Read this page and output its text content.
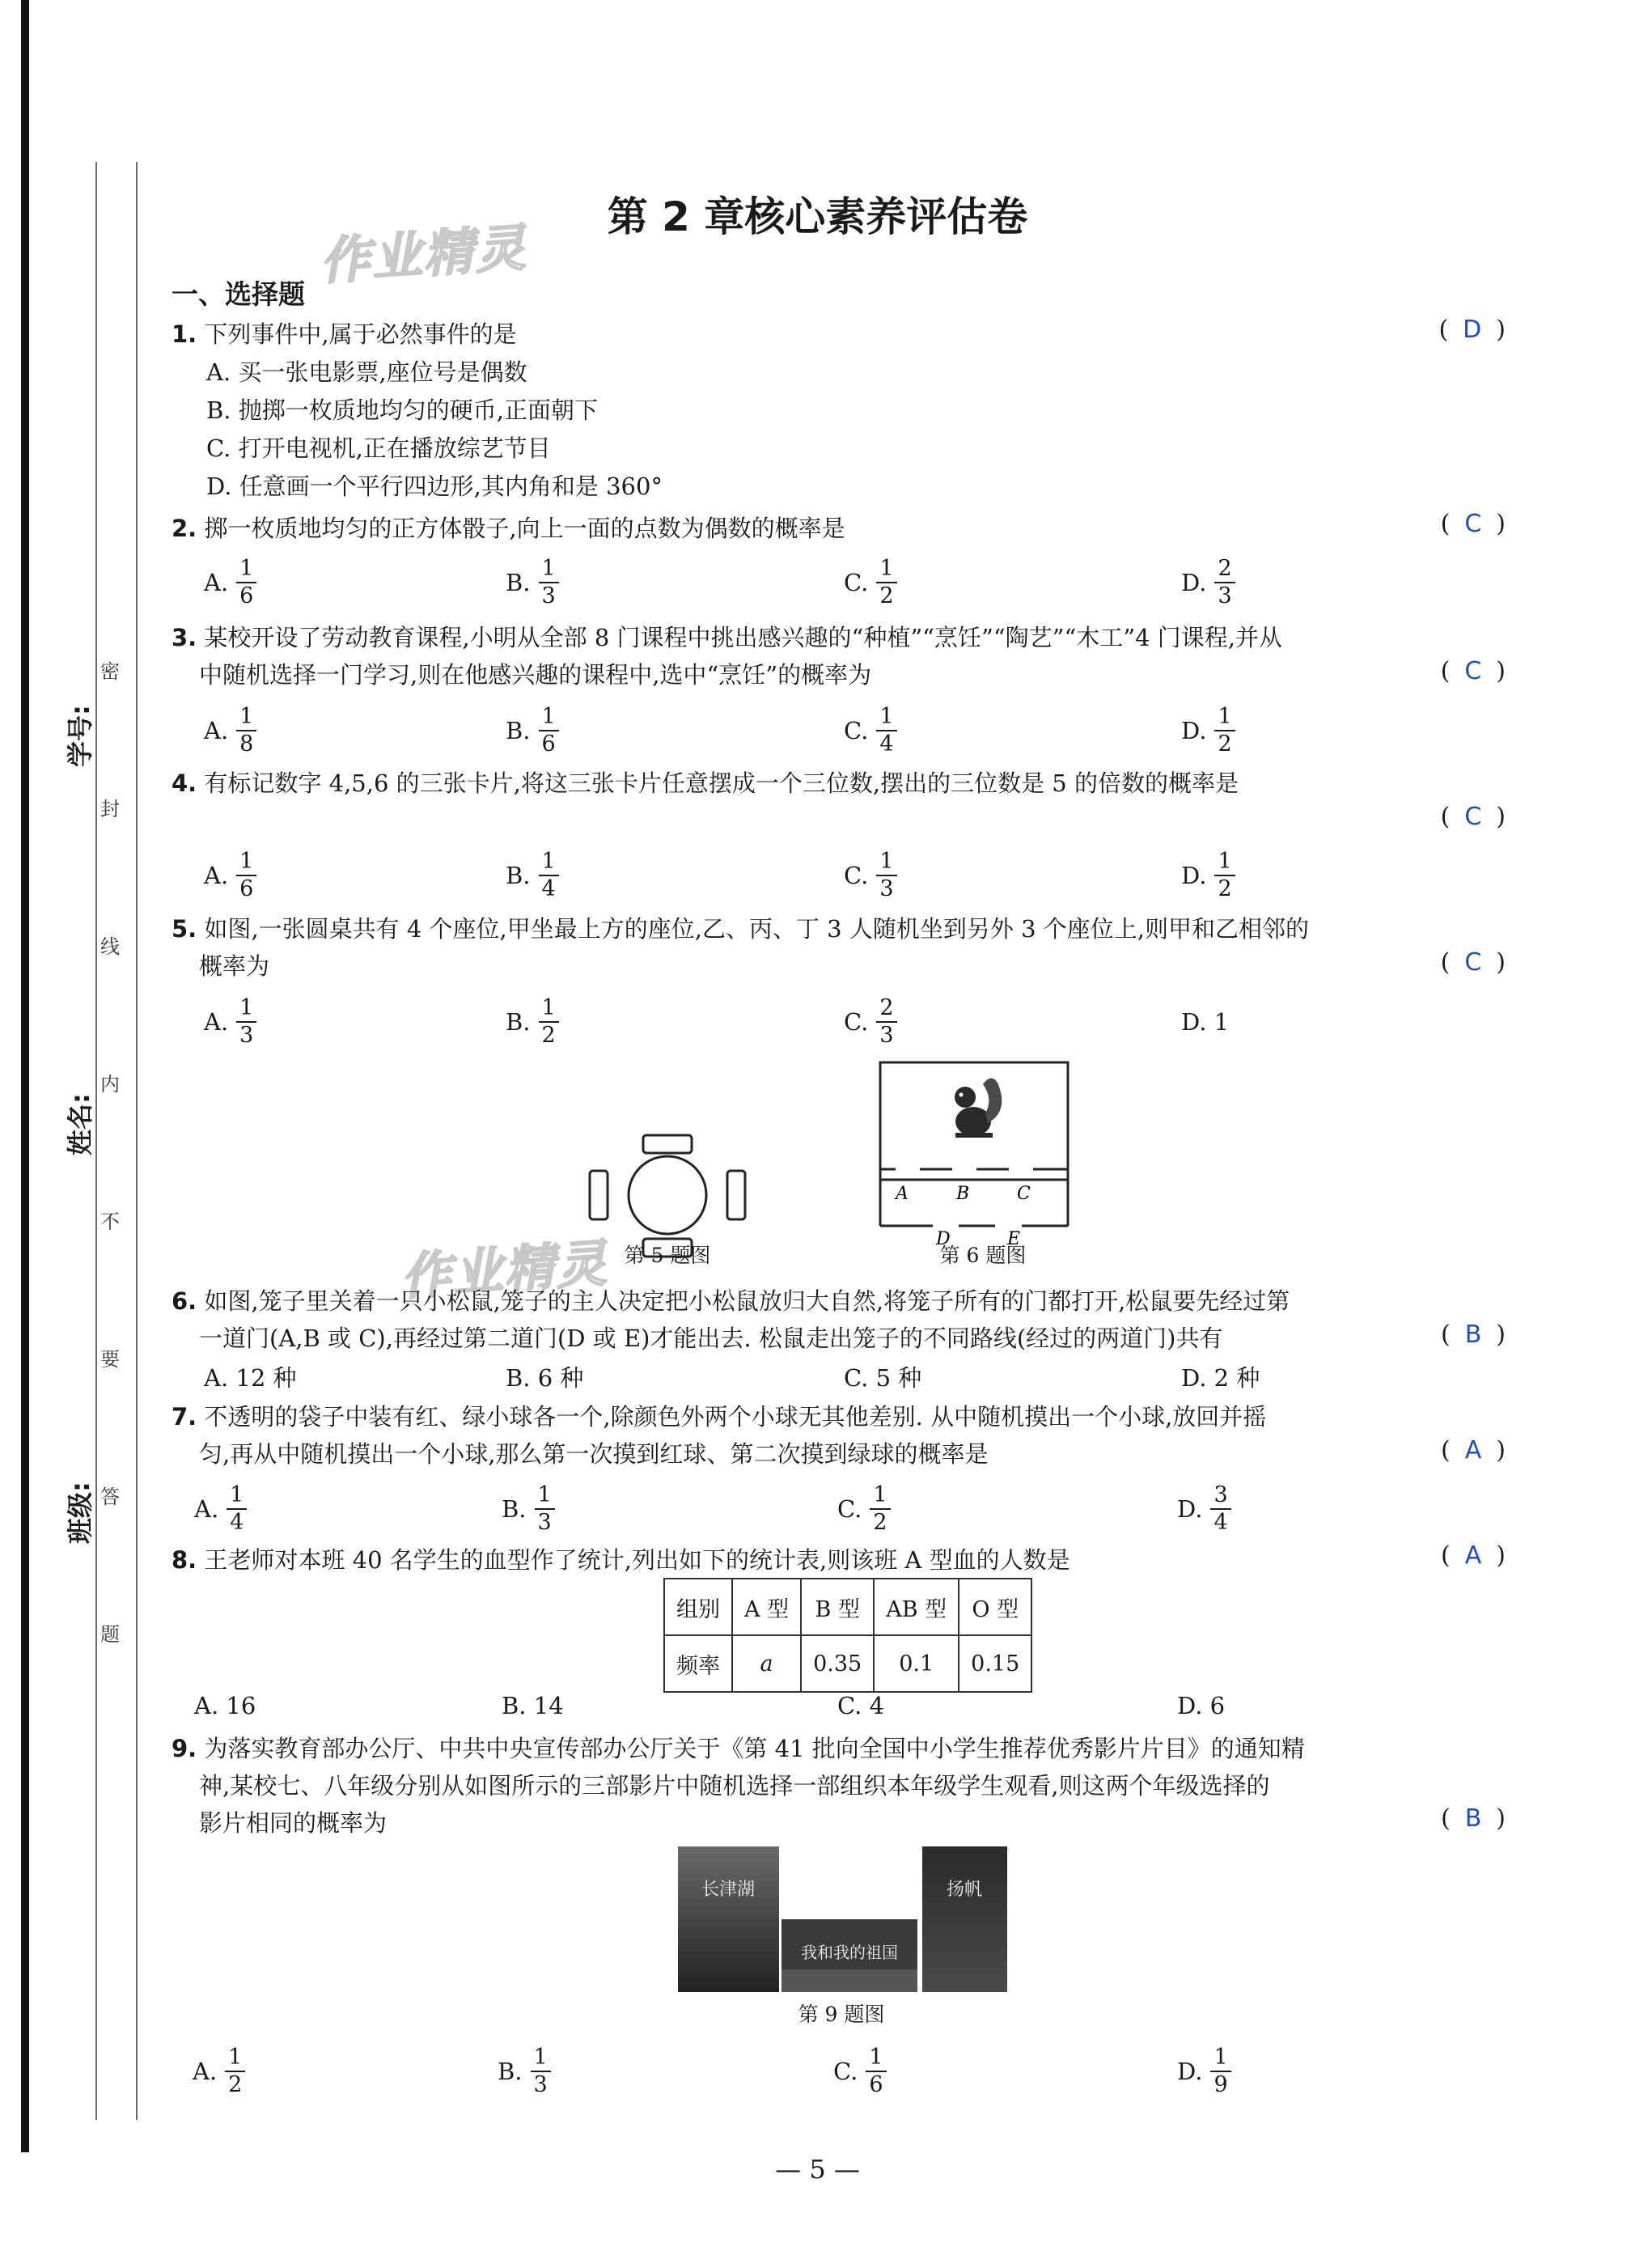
学号:
姓名:
班级:
密
封
线
内
不
要
答
题
作业精灵
作业精灵
第 2 章核心素养评估卷
一、选择题
1. 下列事件中,属于必然事件的是	( D )
A. 买一张电影票,座位号是偶数
B. 抛掷一枚质地均匀的硬币,正面朝下
C. 打开电视机,正在播放综艺节目
D. 任意画一个平行四边形,其内角和是 360°
2. 掷一枚质地均匀的正方体骰子,向上一面的点数为偶数的概率是	( C )
A. $\frac{1}{6}$	B. $\frac{1}{3}$	C. $\frac{1}{2}$	D. $\frac{2}{3}$
3. 某校开设了劳动教育课程,小明从全部 8 门课程中挑出感兴趣的“种植”“烹饪”“陶艺”“木工”4 门课程,并从
中随机选择一门学习,则在他感兴趣的课程中,选中“烹饪”的概率为	( C )
A. $\frac{1}{8}$	B. $\frac{1}{6}$	C. $\frac{1}{4}$	D. $\frac{1}{2}$
4. 有标记数字 4,5,6 的三张卡片,将这三张卡片任意摆成一个三位数,摆出的三位数是 5 的倍数的概率是
( C )
A. $\frac{1}{6}$	B. $\frac{1}{4}$	C. $\frac{1}{3}$	D. $\frac{1}{2}$
5. 如图,一张圆桌共有 4 个座位,甲坐最上方的座位,乙、丙、丁 3 人随机坐到另外 3 个座位上,则甲和乙相邻的
概率为	( C )
A. $\frac{1}{3}$	B. $\frac{1}{2}$	C. $\frac{2}{3}$	D.
1
第 5 题图
A	B	C
D	E
第 6 题图
6. 如图,笼子里关着一只小松鼠,笼子的主人决定把小松鼠放归大自然,将笼子所有的门都打开,松鼠要先经过第
一道门(A,B 或 C),再经过第二道门(D 或 E)才能出去. 松鼠走出笼子的不同路线(经过的两道门)共有	( B )
A. 12 种	B. 6 种	C. 5 种	D. 2 种
7. 不透明的袋子中装有红、绿小球各一个,除颜色外两个小球无其他差别. 从中随机摸出一个小球,放回并摇
匀,再从中随机摸出一个小球,那么第一次摸到红球、第二次摸到绿球的概率是	( A )
A. $\frac{1}{4}$	B. $\frac{1}{3}$	C. $\frac{1}{2}$	D. $\frac{3}{4}$
8. 王老师对本班 40 名学生的血型作了统计,列出如下的统计表,则该班 A 型血的人数是	( A )
组别	A 型	B 型	AB 型	O 型
频率	a	0.35	0.1	0.15
A. 16	B. 14	C. 4	D. 6
9. 为落实教育部办公厅、中共中央宣传部办公厅关于《第 41 批向全国中小学生推荐优秀影片片目》的通知精
神,某校七、八年级分别从如图所示的三部影片中随机选择一部组织本年级学生观看,则这两个年级选择的
影片相同的概率为	( B )
长津湖
我和我的祖国
扬帆
第 9 题图
A. $\frac{1}{2}$	B. $\frac{1}{3}$	C. $\frac{1}{6}$	D. $\frac{1}{9}$
— 5 —
